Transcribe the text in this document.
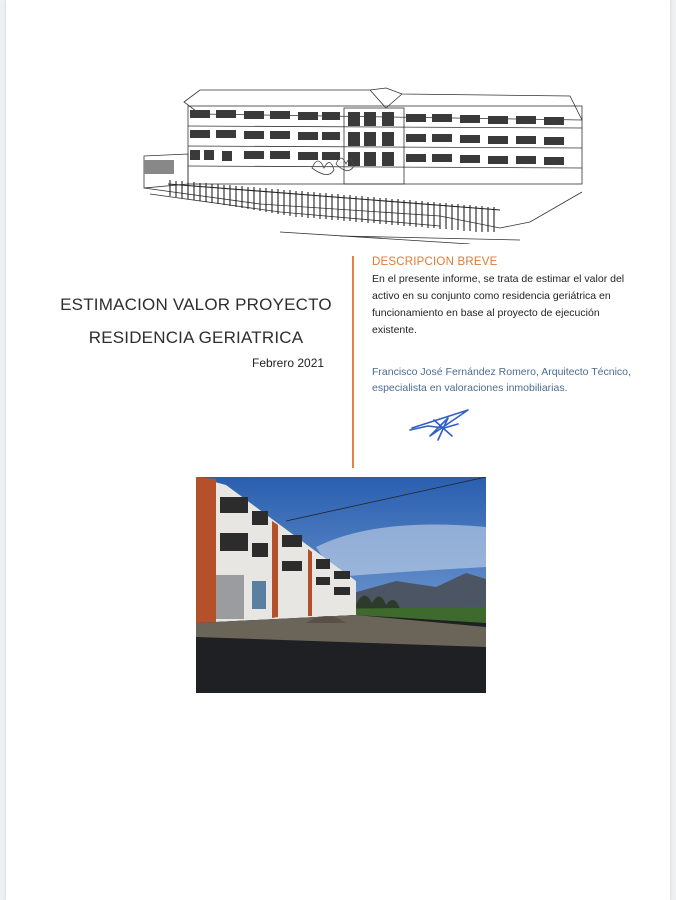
ESTIMACION VALOR PROYECTO
RESIDENCIA GERIATRICA
Febrero 2021
DESCRIPCION BREVE
En el presente informe, se trata de estimar el valor del activo en su conjunto como residencia geriátrica en funcionamiento en base al proyecto de ejecución existente.
Francisco José Fernández Romero, Arquitecto Técnico, especialista en valoraciones inmobiliarias.
